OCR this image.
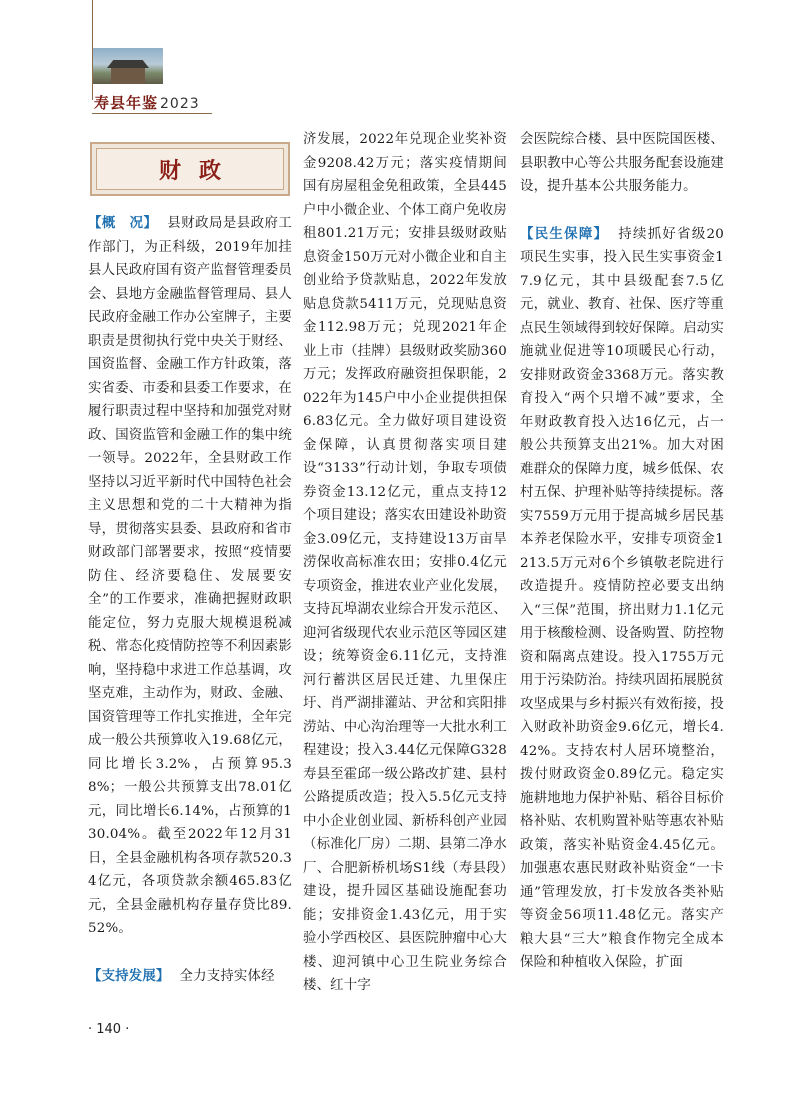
寿县年鉴 2023
财政

【概　况】 县财政局是县政府工作部门，为正科级，2019年加挂县人民政府国有资产监督管理委员会、县地方金融监督管理局、县人民政府金融工作办公室牌子，主要职责是贯彻执行党中央关于财经、国资监督、金融工作方针政策，落实省委、市委和县委工作要求，在履行职责过程中坚持和加强党对财政、国资监管和金融工作的集中统一领导。2022年，全县财政工作坚持以习近平新时代中国特色社会主义思想和党的二十大精神为指导，贯彻落实县委、县政府和省市财政部门部署要求，按照“疫情要防住、经济要稳住、发展要安全”的工作要求，准确把握财政职能定位，努力克服大规模退税减税、常态化疫情防控等不利因素影响，坚持稳中求进工作总基调，攻坚克难，主动作为，财政、金融、国资管理等工作扎实推进，全年完成一般公共预算收入19.68亿元，同比增长3.2%，占预算95.38%；一般公共预算支出78.01亿元，同比增长6.14%，占预算的130.04%。截至2022年12月31日，全县金融机构各项存款520.34亿元，各项贷款余额465.83亿元，全县金融机构存量存贷比89.52%。

【支持发展】 全力支持实体经

济发展，2022年兑现企业奖补资金9208.42万元；落实疫情期间国有房屋租金免租政策，全县445户中小微企业、个体工商户免收房租801.21万元；安排县级财政贴息资金150万元对小微企业和自主创业给予贷款贴息，2022年发放贴息贷款5411万元，兑现贴息资金112.98万元；兑现2021年企业上市（挂牌）县级财政奖励360万元；发挥政府融资担保职能，2022年为145户中小企业提供担保6.83亿元。全力做好项目建设资金保障，认真贯彻落实项目建设“3133”行动计划，争取专项债券资金13.12亿元，重点支持12个项目建设；落实农田建设补助资金3.09亿元，支持建设13万亩旱涝保收高标准农田；安排0.4亿元专项资金，推进农业产业化发展，支持瓦埠湖农业综合开发示范区、迎河省级现代农业示范区等园区建设；统筹资金6.11亿元，支持淮河行蓄洪区居民迁建、九里保庄圩、肖严湖排灌站、尹岔和宾阳排涝站、中心沟治理等一大批水利工程建设；投入3.44亿元保障G328寿县至霍邱一级公路改扩建、县村公路提质改造；投入5.5亿元支持中小企业创业园、新桥科创产业园（标准化厂房）二期、县第二净水厂、合肥新桥机场S1线（寿县段）建设，提升园区基础设施配套功能；安排资金1.43亿元，用于实验小学西校区、县医院肿瘤中心大楼、迎河镇中心卫生院业务综合楼、红十字

会医院综合楼、县中医院国医楼、县职教中心等公共服务配套设施建设，提升基本公共服务能力。

【民生保障】 持续抓好省级20项民生实事，投入民生实事资金17.9亿元，其中县级配套7.5亿元，就业、教育、社保、医疗等重点民生领域得到较好保障。启动实施就业促进等10项暖民心行动，安排财政资金3368万元。落实教育投入“两个只增不减”要求，全年财政教育投入达16亿元，占一般公共预算支出21%。加大对困难群众的保障力度，城乡低保、农村五保、护理补贴等持续提标。落实7559万元用于提高城乡居民基本养老保险水平，安排专项资金1213.5万元对6个乡镇敬老院进行改造提升。疫情防控必要支出纳入“三保”范围，挤出财力1.1亿元用于核酸检测、设备购置、防控物资和隔离点建设。投入1755万元用于污染防治。持续巩固拓展脱贫攻坚成果与乡村振兴有效衔接，投入财政补助资金9.6亿元，增长4.42%。支持农村人居环境整治，拨付财政资金0.89亿元。稳定实施耕地地力保护补贴、稻谷目标价格补贴、农机购置补贴等惠农补贴政策，落实补贴资金4.45亿元。加强惠农惠民财政补贴资金“一卡通”管理发放，打卡发放各类补贴等资金56项11.48亿元。落实产粮大县“三大”粮食作物完全成本保险和种植收入保险，扩面

· 140 ·
